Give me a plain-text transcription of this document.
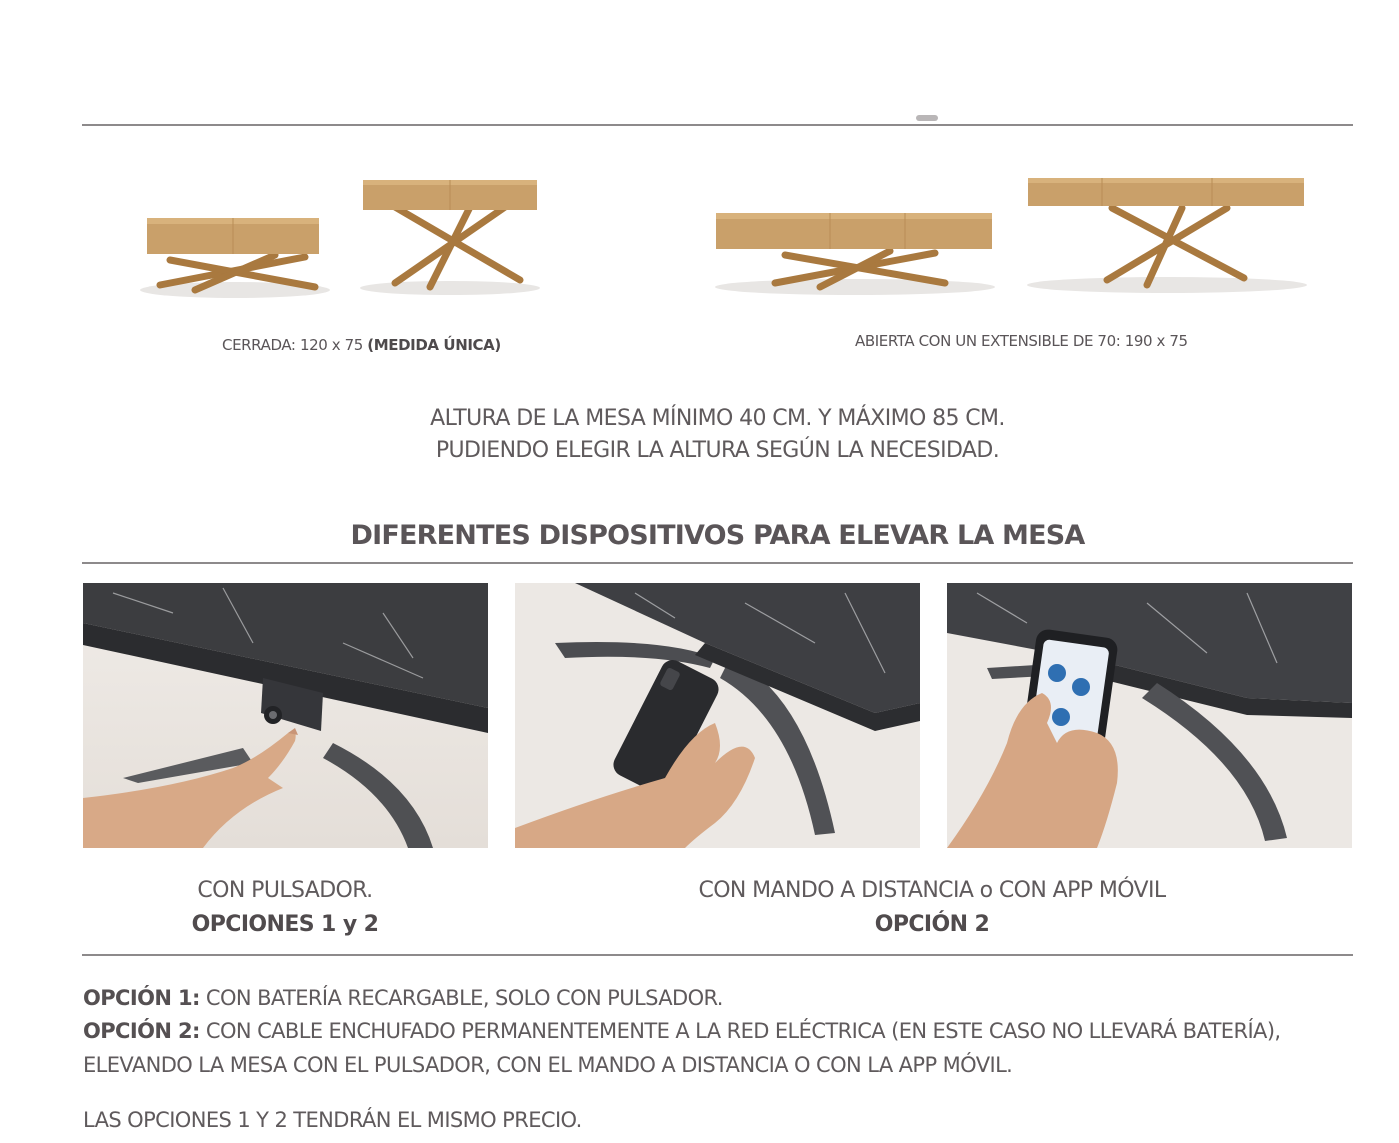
CERRADA: 120 x 75 (MEDIDA ÚNICA)	ABIERTA CON UN EXTENSIBLE DE 70: 190 x 75
ALTURA DE LA MESA MÍNIMO 40 CM. Y MÁXIMO 85 CM.
PUDIENDO ELEGIR LA ALTURA SEGÚN LA NECESIDAD.
DIFERENTES DISPOSITIVOS PARA ELEVAR LA MESA
CON PULSADOR.
OPCIONES 1 y 2
CON MANDO A DISTANCIA o CON APP MÓVIL
OPCIÓN 2
OPCIÓN 1: CON BATERÍA RECARGABLE, SOLO CON PULSADOR.
OPCIÓN 2: CON CABLE ENCHUFADO PERMANENTEMENTE A LA RED ELÉCTRICA (EN ESTE CASO NO LLEVARÁ BATERÍA),
ELEVANDO LA MESA CON EL PULSADOR, CON EL MANDO A DISTANCIA O CON LA APP MÓVIL.
LAS OPCIONES 1 Y 2 TENDRÁN EL MISMO PRECIO.
